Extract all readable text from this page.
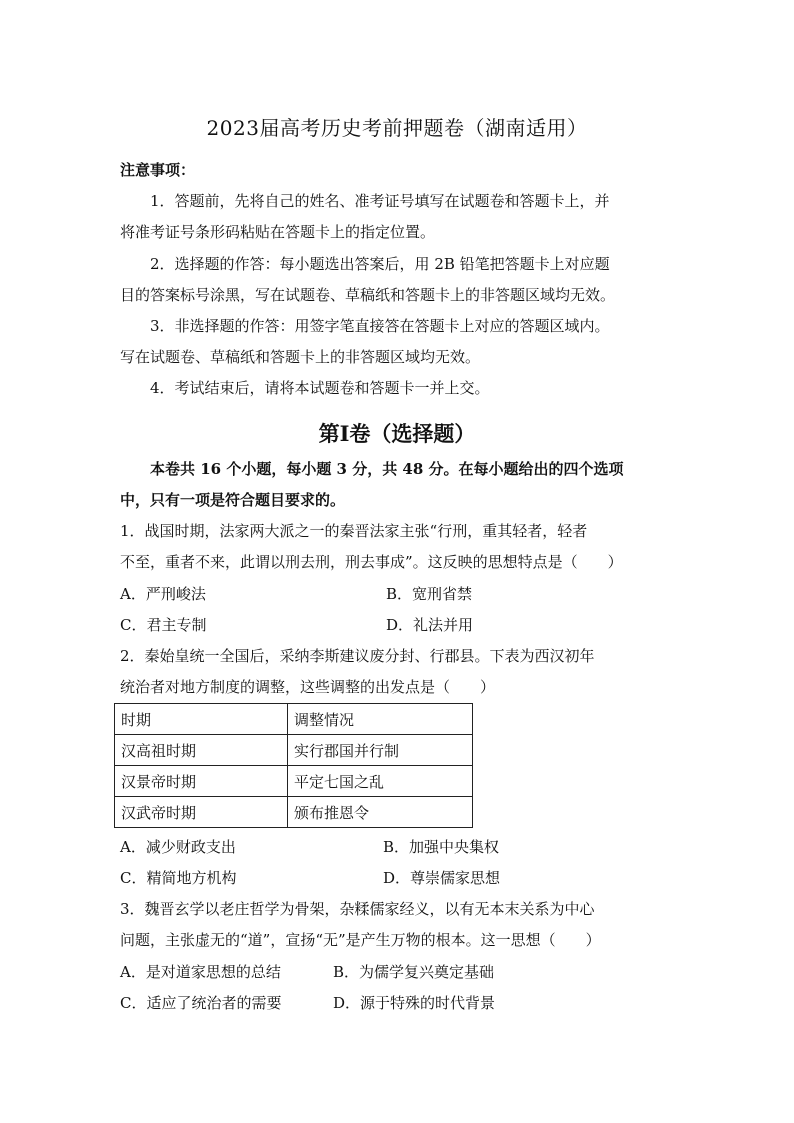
2023届高考历史考前押题卷（湖南适用）
注意事项：
1．答题前，先将自己的姓名、准考证号填写在试题卷和答题卡上，并
将准考证号条形码粘贴在答题卡上的指定位置。
2．选择题的作答：每小题选出答案后，用 2B 铅笔把答题卡上对应题
目的答案标号涂黑，写在试题卷、草稿纸和答题卡上的非答题区域均无效。
3．非选择题的作答：用签字笔直接答在答题卡上对应的答题区域内。
写在试题卷、草稿纸和答题卡上的非答题区域均无效。
4．考试结束后，请将本试题卷和答题卡一并上交。
第Ⅰ卷（选择题）
本卷共 16 个小题，每小题 3 分，共 48 分。在每小题给出的四个选项
中，只有一项是符合题目要求的。
1．战国时期，法家两大派之一的秦晋法家主张“行刑，重其轻者，轻者
不至，重者不来，此谓以刑去刑，刑去事成”。这反映的思想特点是（　　）
A．严刑峻法	B．宽刑省禁
C．君主专制	D．礼法并用
2．秦始皇统一全国后，采纳李斯建议废分封、行郡县。下表为西汉初年
统治者对地方制度的调整，这些调整的出发点是（　　）
时期	调整情况
汉高祖时期	实行郡国并行制
汉景帝时期	平定七国之乱
汉武帝时期	颁布推恩令
A．减少财政支出	B．加强中央集权
C．精简地方机构	D．尊崇儒家思想
3．魏晋玄学以老庄哲学为骨架，杂糅儒家经义，以有无本末关系为中心
问题，主张虚无的“道”，宣扬“无”是产生万物的根本。这一思想（　　）
A．是对道家思想的总结	B．为儒学复兴奠定基础
C．适应了统治者的需要	D．源于特殊的时代背景
